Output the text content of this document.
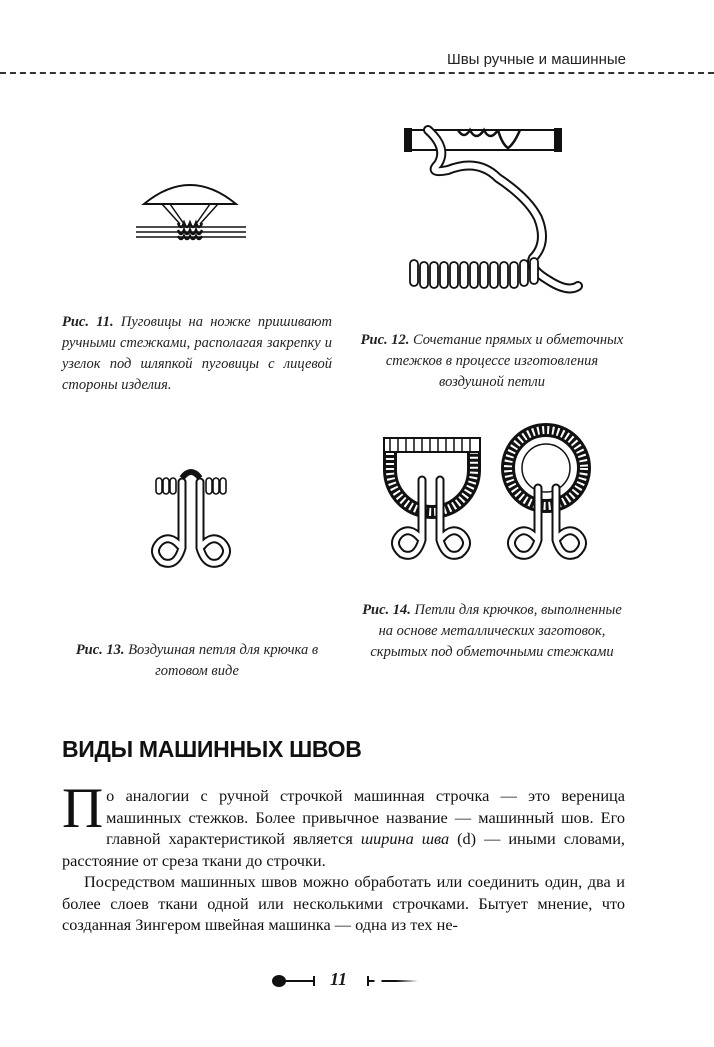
Швы ручные и машинные
Рис. 11. Пуговицы на ножке пришивают ручными стежками, располагая закрепку и узелок под шляпкой пуговицы с лицевой стороны изделия.
Рис. 12. Сочетание прямых и обметочных стежков в процессе изготовления воздушной петли
Рис. 13. Воздушная петля для крючка в готовом виде
Рис. 14. Петли для крючков, выполненные на основе металлических заготовок, скрытых под обметочными стежками
ВИДЫ МАШИННЫХ ШВОВ

По аналогии с ручной строчкой машинная строчка — это вереница машинных стежков. Более привычное название — машинный шов. Его главной характеристикой является ширина шва (d) — иными словами, расстояние от среза ткани до строчки.

Посредством машинных швов можно обработать или соединить один, два и более слоев ткани одной или несколькими строчками. Бытует мнение, что созданная Зингером швейная машинка — одна из тех не-

11
